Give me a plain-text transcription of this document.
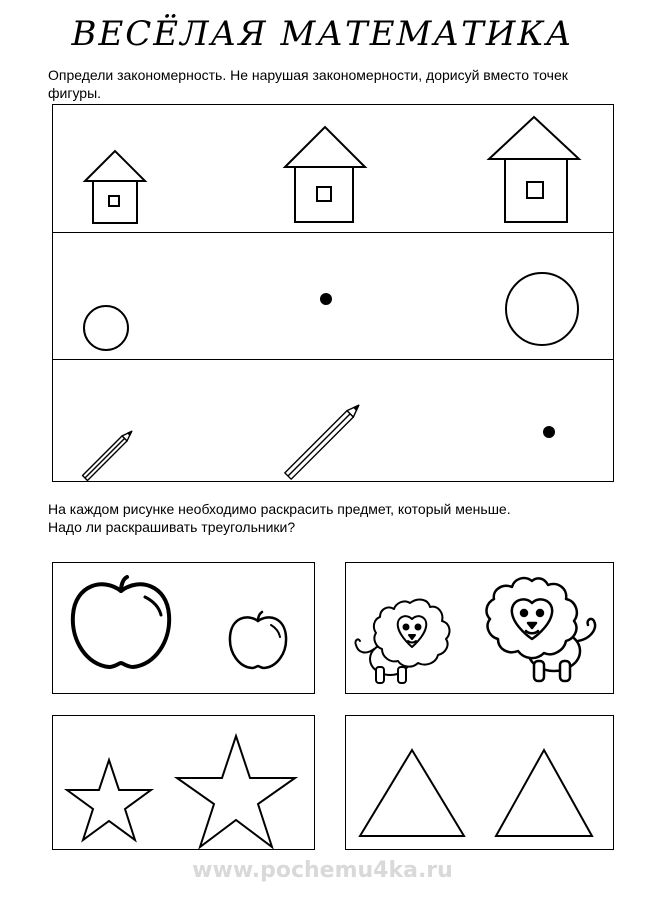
ВЕСЁЛАЯ МАТЕМАТИКА
Определи закономерность. Не нарушая закономерности, дорисуй вместо точек фигуры.
На каждом рисунке необходимо раскрасить предмет, который меньше.
Надо ли раскрашивать треугольники?
www.pochemu4ka.ru
